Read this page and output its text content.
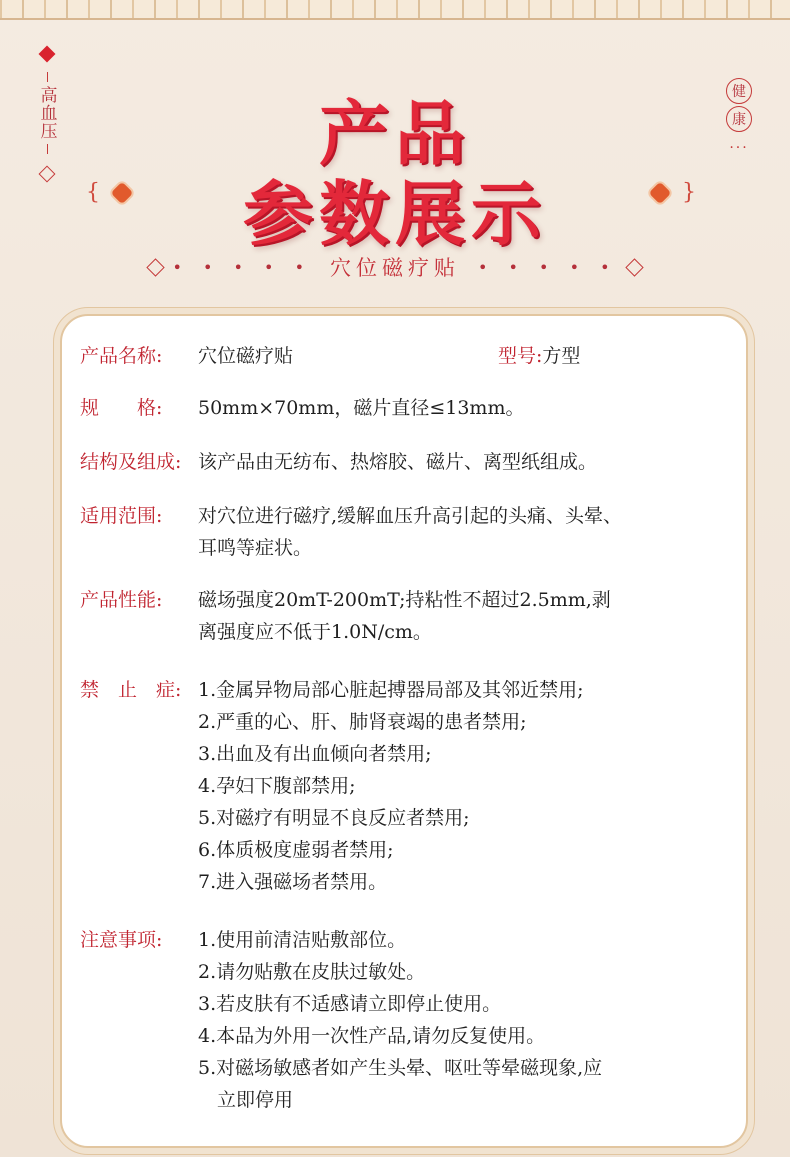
高血压	健
康
...
产品
参数展示
{	}
• • • • • 穴位磁疗贴 • • • • •
产品名称:	穴位磁疗贴	型号: 方型
规　　格:	50mm×70mm，磁片直径≤13mm。
结构及组成: 该产品由无纺布、热熔胶、磁片、离型纸组成。
适用范围:	对穴位进行磁疗,缓解血压升高引起的头痛、头晕、
耳鸣等症状。
产品性能:	磁场强度20mT-200mT;持粘性不超过2.5mm,剥
离强度应不低于1.0N/cm。
禁　止　症: 1.金属异物局部心脏起搏器局部及其邻近禁用;
2.严重的心、肝、肺肾衰竭的患者禁用;
3.出血及有出血倾向者禁用;
4.孕妇下腹部禁用;
5.对磁疗有明显不良反应者禁用;
6.体质极度虚弱者禁用;
7.进入强磁场者禁用。
注意事项:	1.使用前清洁贴敷部位。
2.请勿贴敷在皮肤过敏处。
3.若皮肤有不适感请立即停止使用。
4.本品为外用一次性产品,请勿反复使用。
5.对磁场敏感者如产生头晕、呕吐等晕磁现象,应
　立即停用
